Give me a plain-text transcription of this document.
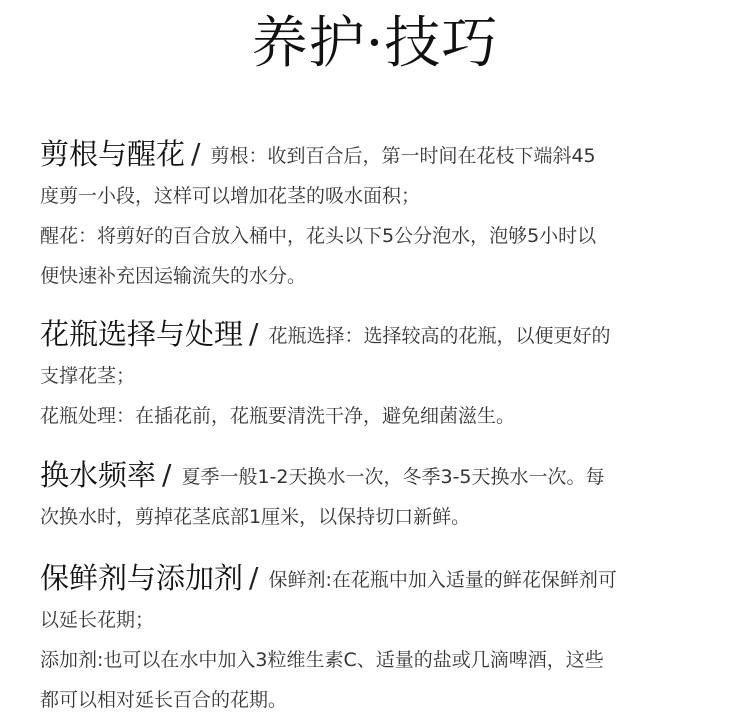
养护·技巧
剪根与醒花 / 剪根：收到百合后，第一时间在花枝下端斜45
度剪一小段，这样可以增加花茎的吸水面积；
醒花：将剪好的百合放入桶中，花头以下5公分泡水，泡够5小时以
便快速补充因运输流失的水分。
花瓶选择与处理 / 花瓶选择：选择较高的花瓶，以便更好的
支撑花茎；
花瓶处理：在插花前，花瓶要清洗干净，避免细菌滋生。
换水频率 / 夏季一般1-2天换水一次，冬季3-5天换水一次。每
次换水时，剪掉花茎底部1厘米，以保持切口新鲜。
保鲜剂与添加剂 / 保鲜剂:在花瓶中加入适量的鲜花保鲜剂可
以延长花期；
添加剂:也可以在水中加入3粒维生素C、适量的盐或几滴啤酒，这些
都可以相对延长百合的花期。
